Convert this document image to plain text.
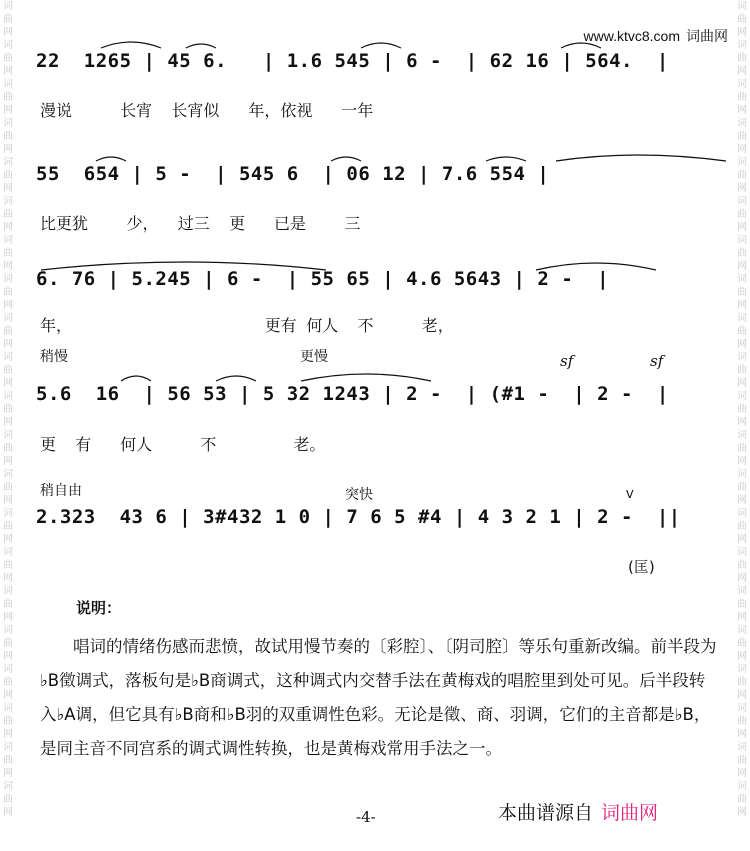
词
曲
网
词
曲
网
词
曲
网
词
曲
网
词
曲
网
词
曲
网
词
曲
网
词
曲
网
词
曲
网
词
曲
网
词
曲
网
词
曲
网
词
曲
网
词
曲
网
词
曲
网
词
曲
网
词
曲
网
词
曲
网
词
曲
网
词
曲
网
词
曲
网
词
曲
网
词
曲
网
词
曲
网
词
曲
网
词
曲
网
词
曲
网
词
曲
网
词
曲
网
词
曲
网
词
曲
网
词
曲
网
词
曲
网
词
曲
网
词
曲
网
词
曲
网
词
曲
网
词
曲
网
词
曲
网
词
曲
网
词
曲
网
词
曲
网
www.ktvc8.com 词曲网
22  1265 | 45 6.   | 1.6 545 | 6 -  | 62 16 | 564.  |
漫说     长宵  长宵似   年，依视   一年
55  654 | 5 -  | 545 6  | 06 12 | 7.6 554 |
比更犹    少，  过三  更   已是    三
6. 76 | 5.245 | 6 -  | 55 65 | 4.6 5643 | 2 -  |
年，                    更有 何人  不     老，
稍慢	更慢	sf	sf
5.6  16  | 56 53 | 5 32 1243 | 2 -  | (#1 -  | 2 -  |
更  有   何人     不        老。
稍自由	突快	V
2.323  43 6 | 3#432 1 0 | 7 6 5 #4 | 4 3 2 1 | 2 -  ||
(匡)
说明：
唱词的情绪伤感而悲愤，故试用慢节奏的〔彩腔〕、〔阴司腔〕等乐句重新改编。前半段为♭B徵调式，落板句是♭B商调式，这种调式内交替手法在黄梅戏的唱腔里到处可见。后半段转入♭A调，但它具有♭B商和♭B羽的双重调性色彩。无论是徵、商、羽调，它们的主音都是♭B，是同主音不同宫系的调式调性转换，也是黄梅戏常用手法之一。
-4-	本曲谱源自 词曲网
